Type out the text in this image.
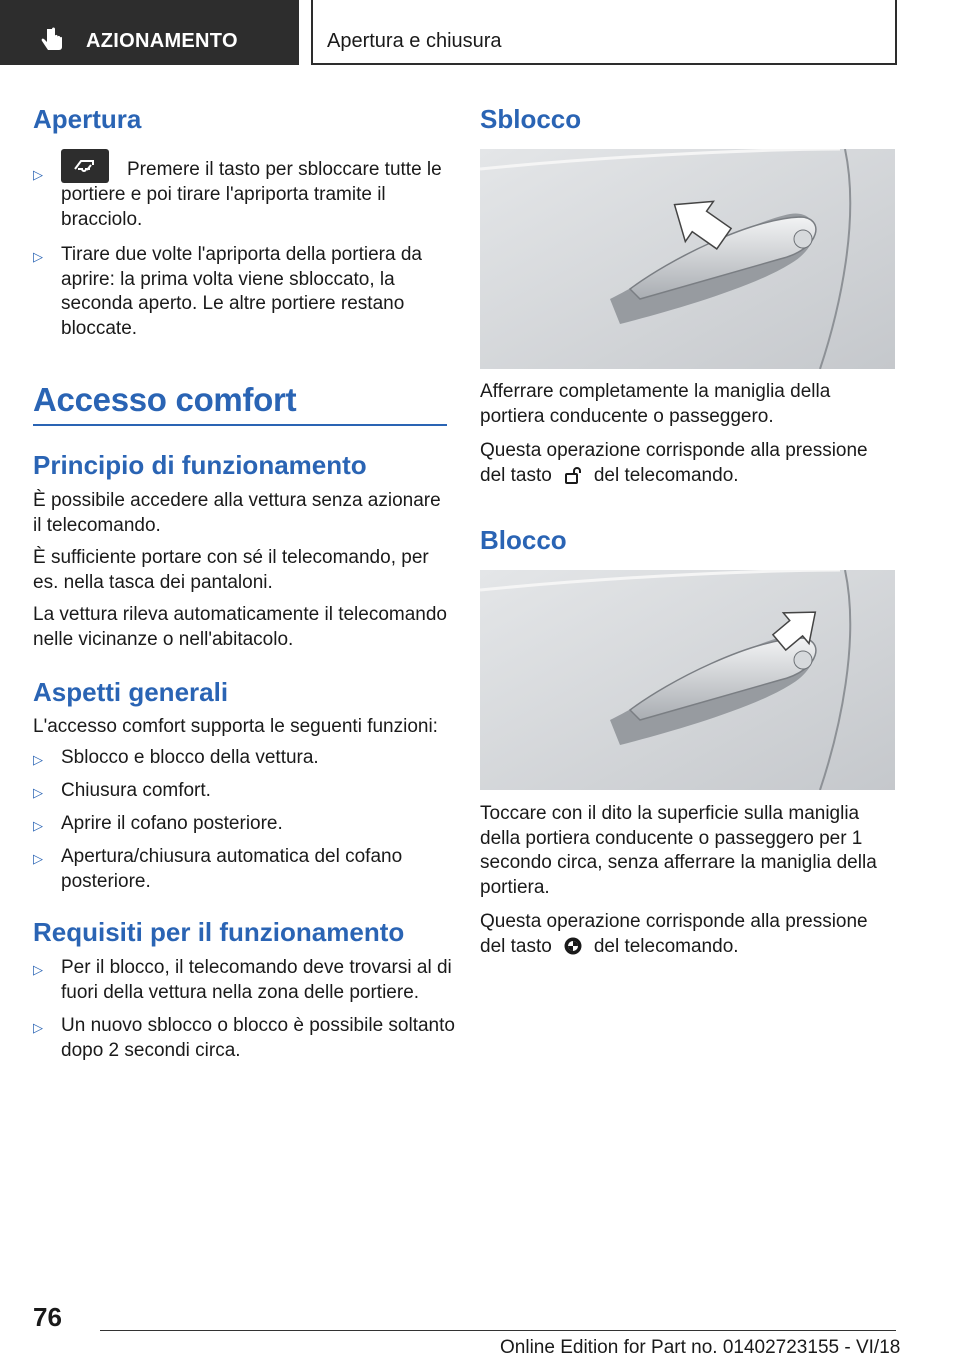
AZIONAMENTO	Apertura e chiusura
Apertura
▷	Premere il tasto per sbloccare tutte le portiere e poi tirare l'apriporta tramite il bracciolo.
▷ Tirare due volte l'apriporta della portiera da aprire: la prima volta viene sbloccato, la seconda aperto. Le altre portiere restano bloccate.
Accesso comfort
Principio di funzionamento

È possibile accedere alla vettura senza azionare il telecomando.

È sufficiente portare con sé il telecomando, per es. nella tasca dei pantaloni.

La vettura rileva automaticamente il telecomando nelle vicinanze o nell'abitacolo.

Aspetti generali

L'accesso comfort supporta le seguenti funzioni:

▷ Sblocco e blocco della vettura.
▷ Chiusura comfort.
▷ Aprire il cofano posteriore.
▷ Apertura/chiusura automatica del cofano posteriore.
Requisiti per il funzionamento
▷ Per il blocco, il telecomando deve trovarsi al di fuori della vettura nella zona delle portiere.
▷ Un nuovo sblocco o blocco è possibile soltanto dopo 2 secondi circa.
Sblocco

Afferrare completamente la maniglia della portiera conducente o passeggero.

Questa operazione corrisponde alla pressione del tasto del telecomando.

Blocco

Toccare con il dito la superficie sulla maniglia della portiera conducente o passeggero per 1 secondo circa, senza afferrare la maniglia della portiera.

Questa operazione corrisponde alla pressione del tasto del telecomando.

76
Online Edition for Part no. 01402723155 - VI/18
